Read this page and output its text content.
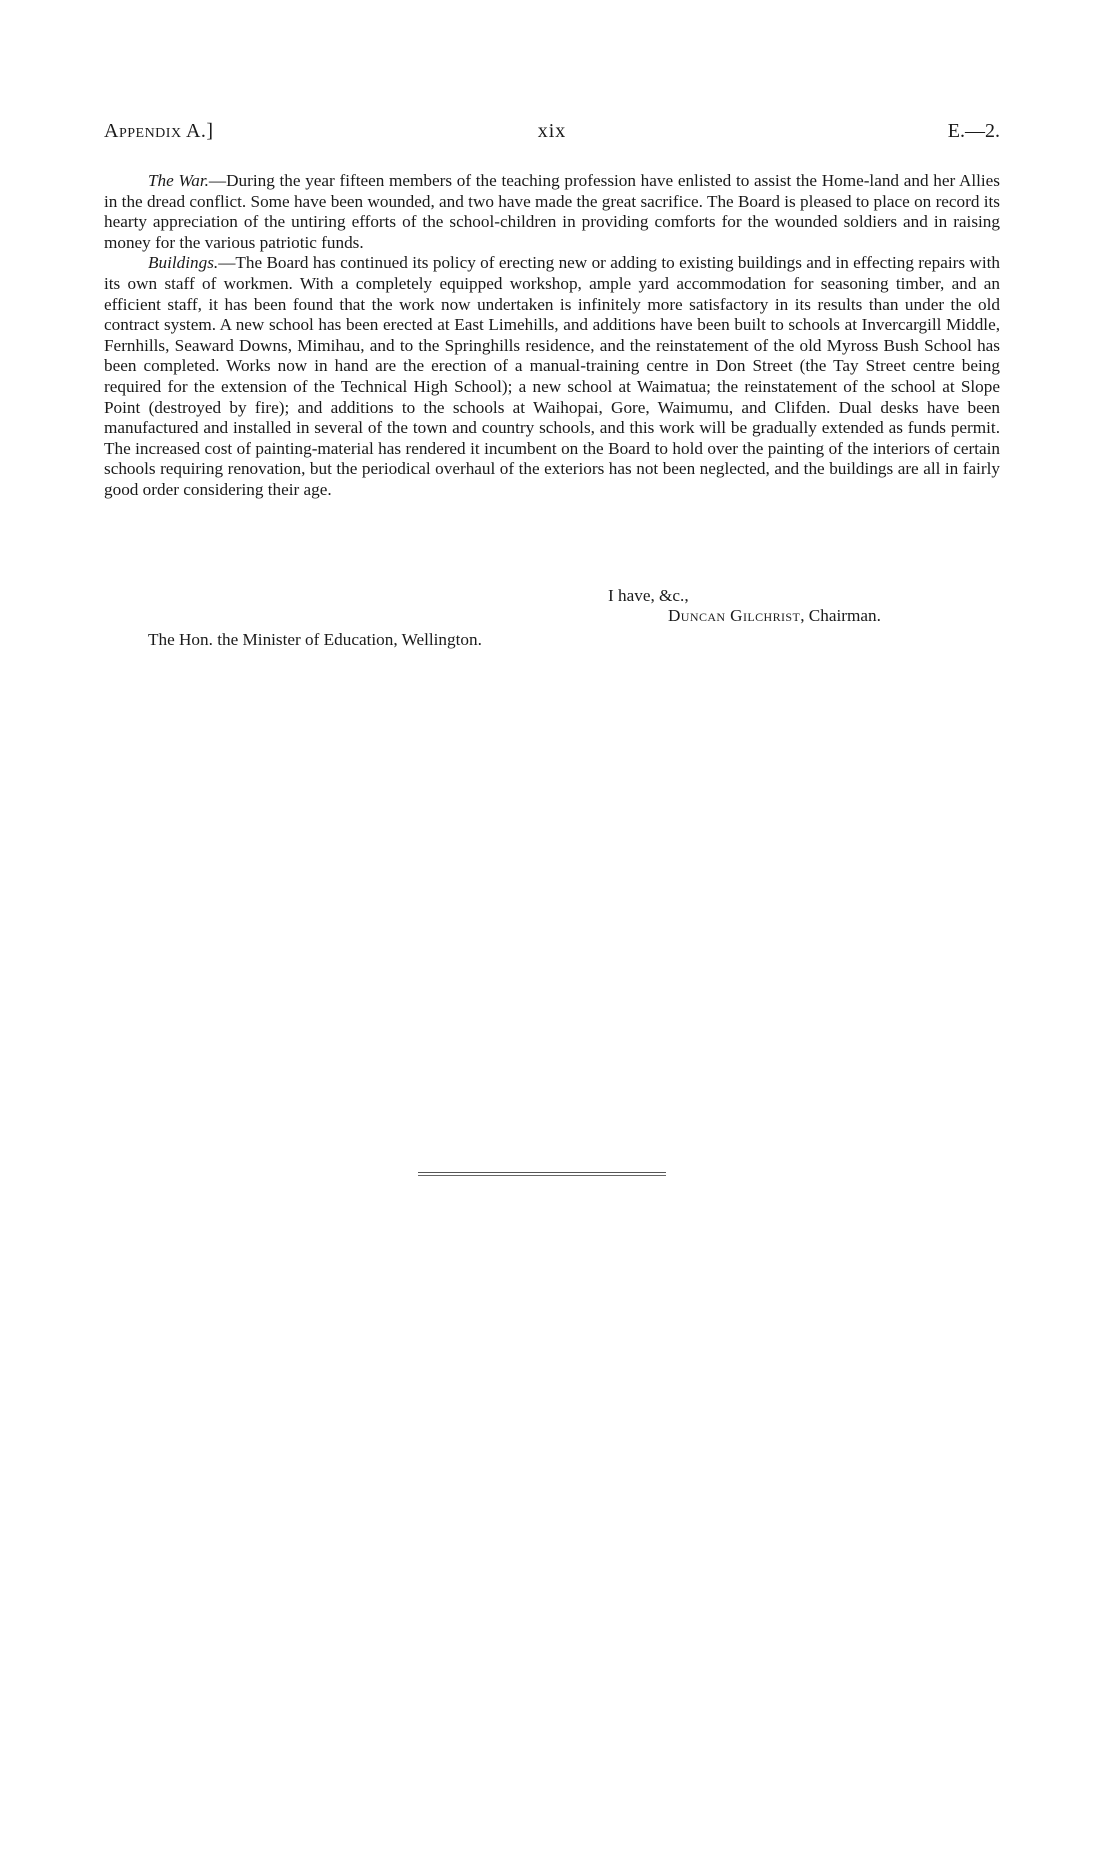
Appendix A.]	xix	E.—2.

The War.—During the year fifteen members of the teaching profession have enlisted to assist the Home-land and her Allies in the dread conflict. Some have been wounded, and two have made the great sacrifice. The Board is pleased to place on record its hearty appreciation of the untiring efforts of the school-children in providing comforts for the wounded soldiers and in raising money for the various patriotic funds.

Buildings.—The Board has continued its policy of erecting new or adding to existing buildings and in effecting repairs with its own staff of workmen. With a completely equipped workshop, ample yard accommodation for seasoning timber, and an efficient staff, it has been found that the work now undertaken is infinitely more satisfactory in its results than under the old contract system. A new school has been erected at East Limehills, and additions have been built to schools at Invercargill Middle, Fernhills, Seaward Downs, Mimihau, and to the Springhills residence, and the reinstatement of the old Myross Bush School has been completed. Works now in hand are the erection of a manual-training centre in Don Street (the Tay Street centre being required for the extension of the Technical High School); a new school at Waimatua; the reinstatement of the school at Slope Point (destroyed by fire); and additions to the schools at Waihopai, Gore, Waimumu, and Clifden. Dual desks have been manufactured and installed in several of the town and country schools, and this work will be gradually extended as funds permit. The increased cost of painting-material has rendered it incumbent on the Board to hold over the painting of the interiors of certain schools requiring renovation, but the periodical overhaul of the exteriors has not been neglected, and the buildings are all in fairly good order considering their age.

I have, &c.,
Duncan Gilchrist, Chairman.
The Hon. the Minister of Education, Wellington.
